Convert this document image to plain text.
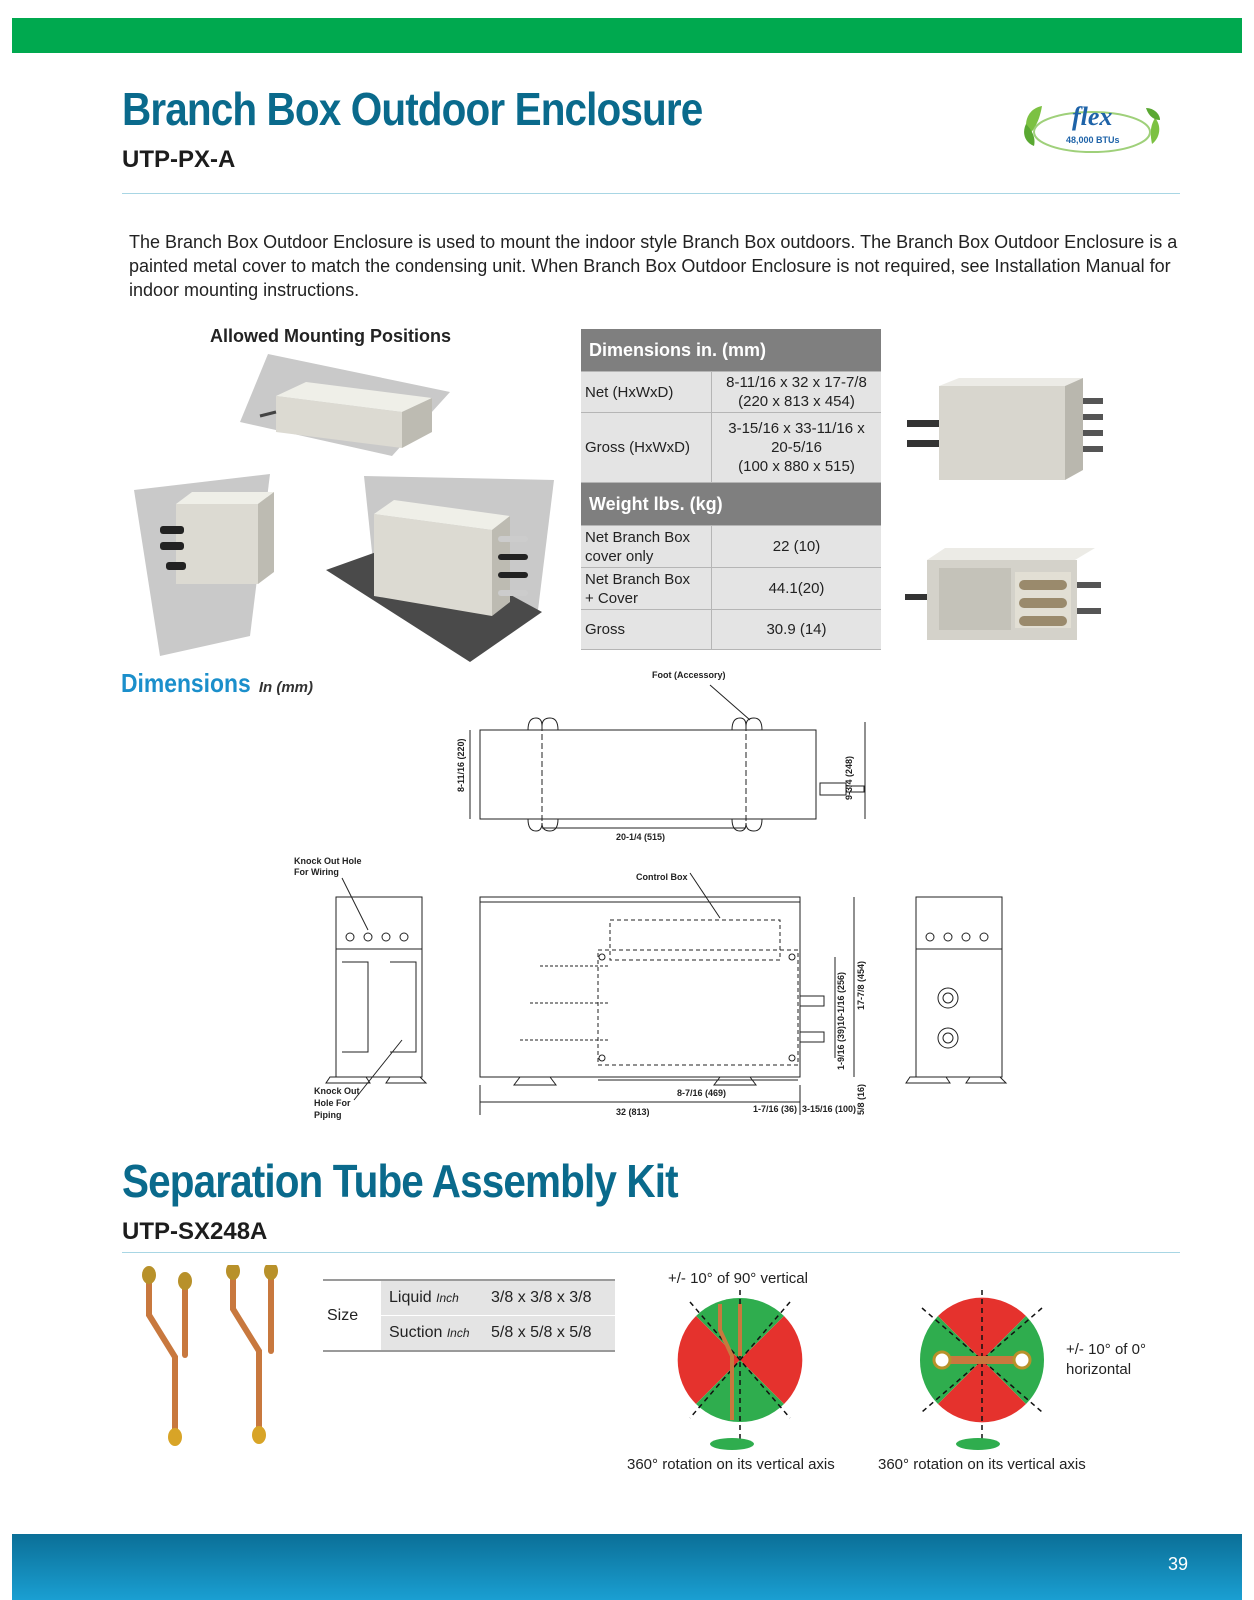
Branch Box Outdoor Enclosure
UTP-PX-A
flex
48,000 BTUs
The Branch Box Outdoor Enclosure is used to mount the indoor style Branch Box outdoors. The Branch Box Outdoor Enclosure is a painted metal cover to match the condensing unit. When Branch Box Outdoor Enclosure is not required, see Installation Manual for indoor mounting instructions.
Allowed Mounting Positions
Dimensions in. (mm)	
Net (HxWxD)	8-11/16 x 32 x 17-7/8
(220 x 813 x 454)

Gross (HxWxD)	3-15/16 x 33-11/16 x
20-5/16
(100 x 880 x 515)

Weight lbs. (kg)	

Net Branch Box
cover only	22 (10)

Net Branch Box
+ Cover	44.1(20)
Gross	30.9 (14)
Dimensions In (mm)
Foot (Accessory)
8-11/16 (220)	9-3/4 (248)
20-1/4 (515)
Knock Out Hole
For Wiring	Control Box
Knock Out
Hole For
Piping
10-1/16 (256) 17-7/8 (454)
1-9/16 (39)
5/8 (16)
8-7/16 (469)
32 (813)	1-7/16 (36) 3-15/16 (100)
Separation Tube Assembly Kit
UTP-SX248A
Size	Liquid Inch	3/8 x 3/8 x 3/8
	Suction Inch	5/8 x 5/8 x 5/8
+/- 10° of 90° vertical
360° rotation on its vertical axis
+/- 10° of 0°
horizontal
360° rotation on its vertical axis
39
